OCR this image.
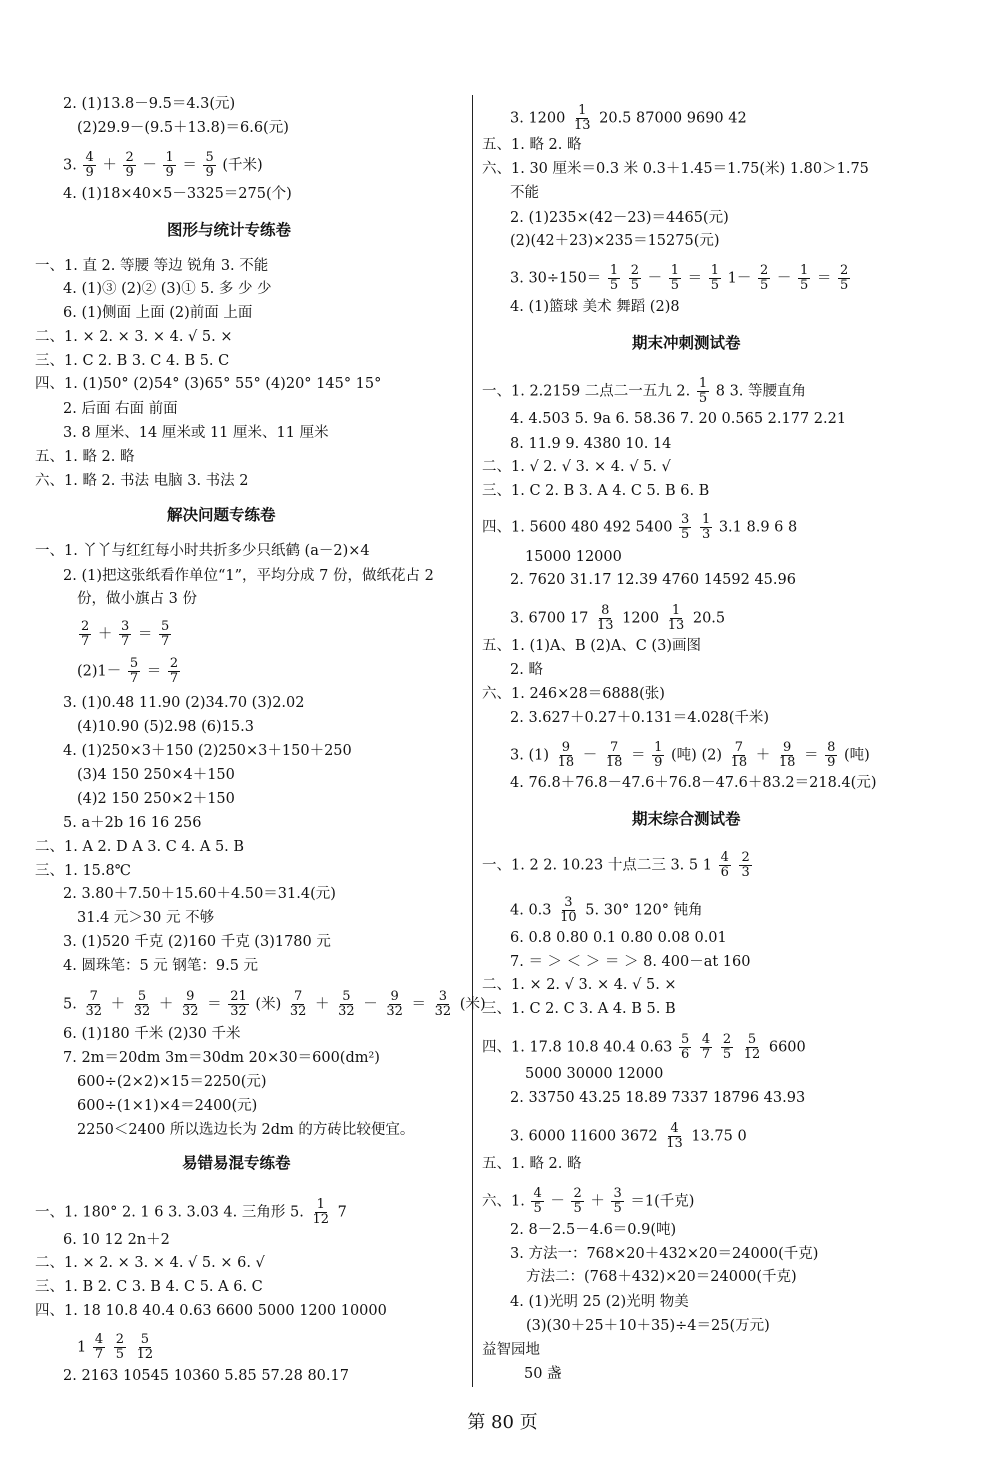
第 80 页
2. (1)13.8－9.5＝4.3(元)
(2)29.9－(9.5＋13.8)＝6.6(元)
3. $\frac{4}{9} + \frac{2}{9} - \frac{1}{9} = \frac{5}{9}$ (千米)
4. (1)18×40×5－3325＝275(个)
图形与统计专练卷
一、1. 直 2. 等腰 等边 锐角 3. 不能
4. (1)③ (2)② (3)① 5. 多 少 少
6. (1)侧面 上面 (2)前面 上面
二、1. × 2. × 3. × 4. √ 5. ×
三、1. C 2. B 3. C 4. B 5. C
四、1. (1)50° (2)54° (3)65° 55° (4)20° 145° 15°
2. 后面 右面 前面
3. 8 厘米、14 厘米或 11 厘米、11 厘米
五、1. 略 2. 略
六、1. 略 2. 书法 电脑 3. 书法 2
解决问题专练卷
一、1. 丫丫与红红每小时共折多少只纸鹤 (a－2)×4
2. (1)把这张纸看作单位“1”，平均分成 7 份，做纸花占 2
份，做小旗占 3 份
$\frac{2}{7} + \frac{3}{7} = \frac{5}{7}$
$(2)1- \frac{5}{7} = \frac{2}{7}$
3. (1)0.48 11.90 (2)34.70 (3)2.02
(4)10.90 (5)2.98 (6)15.3
4. (1)250×3＋150 (2)250×3＋150＋250
(3)4 150 250×4＋150
(4)2 150 250×2＋150
5. a＋2b 16 16 256
二、1. A 2. D A 3. C 4. A 5. B
三、1. 15.8℃
2. 3.80＋7.50＋15.60＋4.50＝31.4(元)
31.4 元＞30 元 不够
3. (1)520 千克 (2)160 千克 (3)1780 元
4. 圆珠笔：5 元 钢笔：9.5 元
5. $\frac{7}{32} + \frac{5}{32} + \frac{9}{32} = \frac{21}{32}$ (米) $\frac{7}{32} + \frac{5}{32} - \frac{9}{32} = \frac{3}{32}$ (米)
6. (1)180 千米 (2)30 千米
7. 2m＝20dm 3m＝30dm 20×30＝600(dm²)
600÷(2×2)×15＝2250(元)
600÷(1×1)×4＝2400(元)
2250＜2400 所以选边长为 2dm 的方砖比较便宜。
易错易混专练卷
一、1. 180° 2. 1 6 3. 3.03 4. 三角形 5. $\frac{1}{12} 7$
6. 10 12 2n＋2
二、1. × 2. × 3. × 4. √ 5. × 6. √
三、1. B 2. C 3. B 4. C 5. A 6. C
四、1. 18 10.8 40.4 0.63 6600 5000 1200 10000
$1 \frac{4}{7}$
$\frac{2}{5}$
$\frac{5}{12}$
2. 2163 10545 10360 5.85 57.28 80.17
3. $1200 \frac{1}{13} 20.5$ 87000 9690 42
五、1. 略 2. 略
六、1. 30 厘米＝0.3 米 0.3＋1.45＝1.75(米) 1.80＞1.75
不能
2. (1)235×(42－23)＝4465(元)
(2)(42＋23)×235＝15275(元)
3. $30\div 150= \frac{1}{5}$
$\frac{2}{5} - \frac{1}{5} = \frac{1}{5} 1- \frac{2}{5} - \frac{1}{5} = \frac{2}{5}$
4. (1)篮球 美术 舞蹈 (2)8
期末冲刺测试卷
一、1. 2.2159 二点二一五九 2. $\frac{1}{5} 8$ 3. 等腰直角
4. 4.503 5. 9a 6. 58.36 7. 20 0.565 2.177 2.21
8. 11.9 9. 4380 10. 14
二、1. √ 2. √ 3. × 4. √ 5. √
三、1. C 2. B 3. A 4. C 5. B 6. B
四、1. 5600 480 492 $5400 \frac{3}{5}$
$\frac{1}{3} 3.1$ 8.9 6 8
15000 12000
2. 7620 31.17 12.39 4760 14592 45.96
3. 6700 $17 \frac{8}{13} 1200 \frac{1}{13} 20.5$
五、1. (1)A、B (2)A、C (3)画图
2. 略
六、1. 246×28＝6888(张)
2. 3.627＋0.27＋0.131＝4.028(千米)
3. $(1) \frac{9}{18} - \frac{7}{18} = \frac{1}{9}$ (吨) $(2) \frac{7}{18} + \frac{9}{18} = \frac{8}{9}$ (吨)
4. 76.8＋76.8－47.6＋76.8－47.6＋83.2＝218.4(元)
期末综合测试卷
一、1. 2 2. 10.23 十点二三 3. 5 $1 \frac{4}{6}$
$\frac{2}{3}$
4. $0.3 \frac{3}{10} 5$. 30° 120° 钝角
6. 0.8 0.80 0.1 0.80 0.08 0.01
7. ＝ ＞ ＜ ＞ ＝ ＞ 8. 400－at 160
二、1. × 2. √ 3. × 4. √ 5. ×
三、1. C 2. C 3. A 4. B 5. B
四、1. 17.8 10.8 40.4 $0.63 \frac{5}{6}$
$\frac{4}{7}$
$\frac{2}{5}$
$\frac{5}{12} 6600$
5000 30000 12000
2. 33750 43.25 18.89 7337 18796 43.93
3. 6000 11600 $3672 \frac{4}{13} 13.75$ 0
五、1. 略 2. 略
六、1. $\frac{4}{5} - \frac{2}{5} + \frac{3}{5} =1$(千克)
2. 8－2.5－4.6＝0.9(吨)
3. 方法一：768×20＋432×20＝24000(千克)
方法二：(768＋432)×20＝24000(千克)
4. (1)光明 25 (2)光明 物美
(3)(30＋25＋10＋35)÷4＝25(万元)
益智园地
50 盏
